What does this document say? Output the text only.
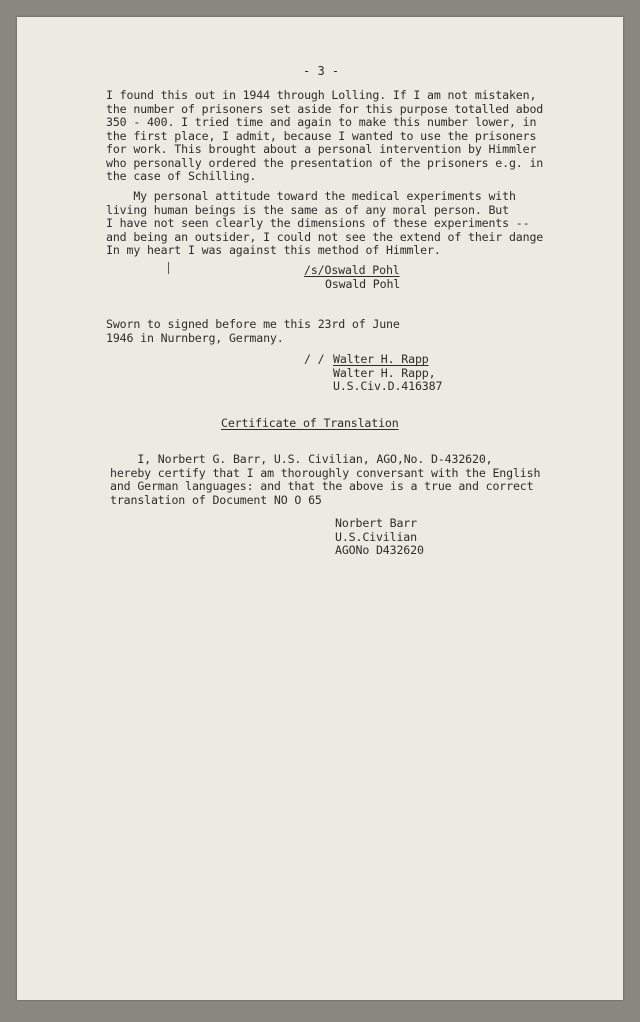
- 3 -
I found this out in 1944 through Lolling. If I am not mistaken,
the number of prisoners set aside for this purpose totalled abod
350 - 400. I tried time and again to make this number lower, in
the first place, I admit, because I wanted to use the prisoners
for work. This brought about a personal intervention by Himmler
who personally ordered the presentation of the prisoners e.g. in
the case of Schilling.
My personal attitude toward the medical experiments with
living human beings is the same as of any moral person. But
I have not seen clearly the dimensions of these experiments --
and being an outsider, I could not see the extend of their dange
In my heart I was against this method of Himmler.
/s/Oswald Pohl
Oswald Pohl
Sworn to signed before me this 23rd of June
1946 in Nurnberg, Germany.
/ / Walter H. Rapp
Walter H. Rapp,
U.S.Civ.D.416387
Certificate of Translation
I, Norbert G. Barr, U.S. Civilian, AGO,No. D-432620,
hereby certify that I am thoroughly conversant with the English
and German languages: and that the above is a true and correct
translation of Document NO O 65
Norbert Barr
U.S.Civilian
AGONo D432620
